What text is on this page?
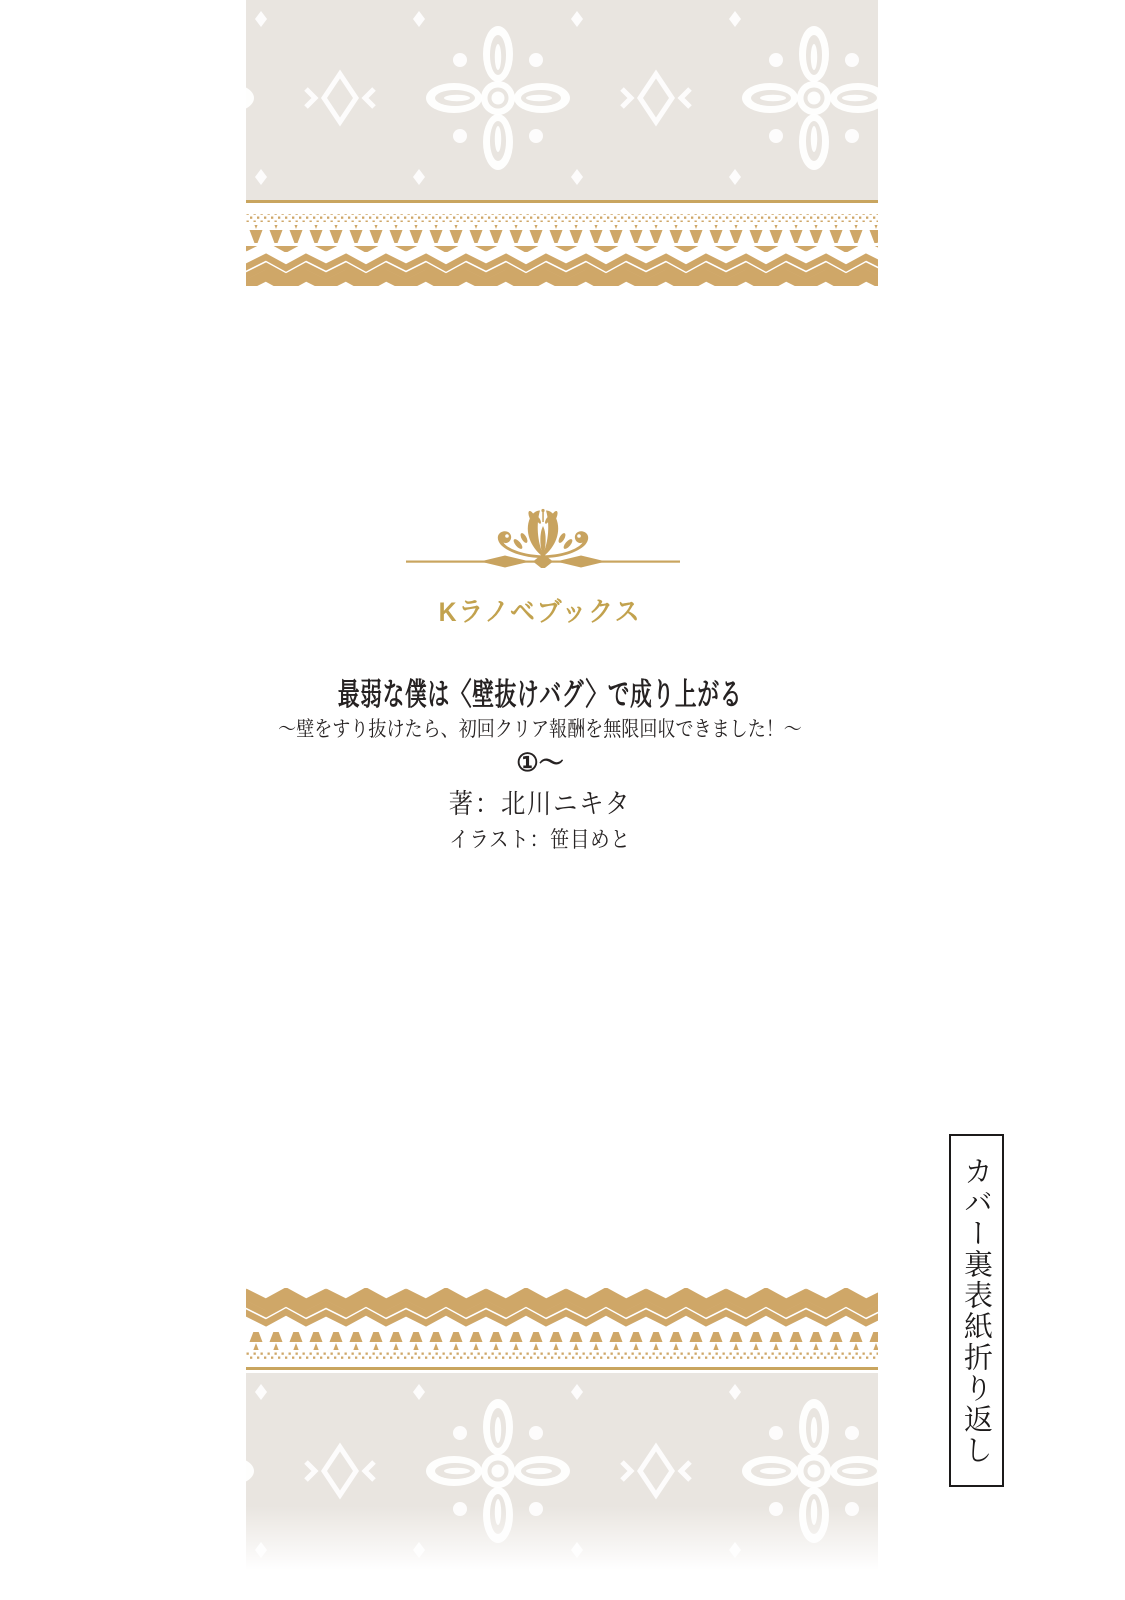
Kラノベブックス
最弱な僕は〈壁抜けバグ〉で成り上がる
～壁をすり抜けたら、初回クリア報酬を無限回収できました！～
①～
著：北川ニキタ
イラスト：笹目めと
カバー裏表紙折り返し
